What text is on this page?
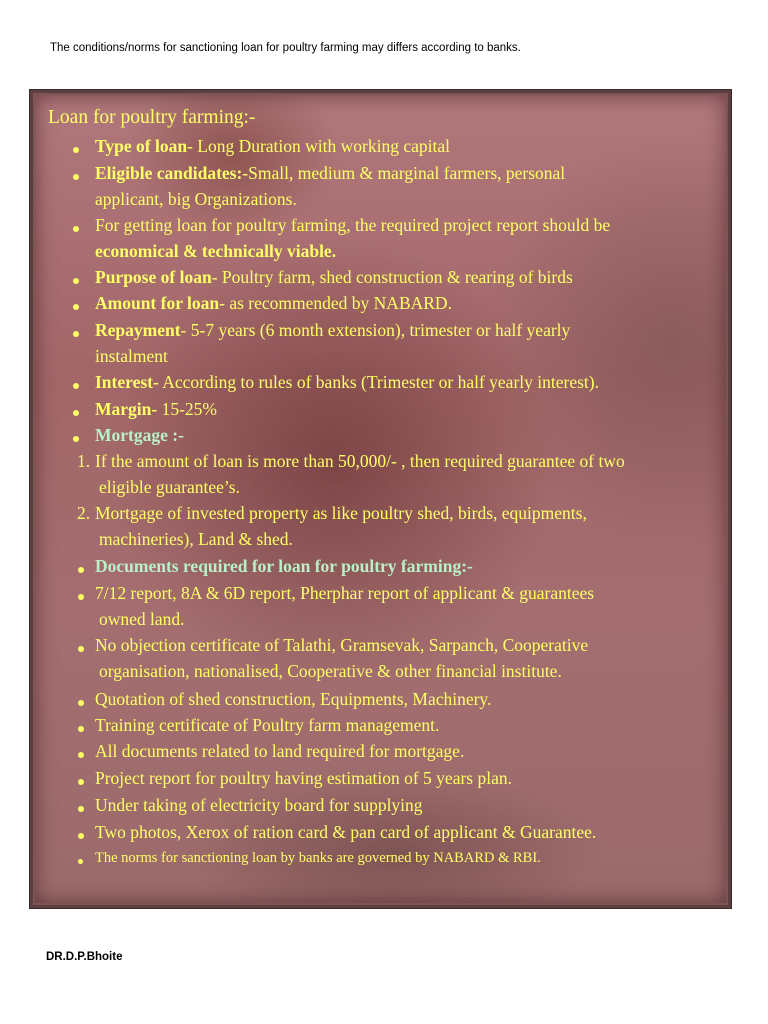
The conditions/norms for sanctioning loan for poultry farming may differs according to banks.
Loan for poultry farming:-
Type of loan- Long Duration with working capital
Eligible candidates:-Small, medium & marginal farmers, personal
applicant, big Organizations.
For getting loan for poultry farming, the required project report should be
economical & technically viable.
Purpose of loan- Poultry farm, shed construction & rearing of birds
Amount for loan- as recommended by NABARD.
Repayment- 5-7 years (6 month extension), trimester or half yearly
instalment
Interest- According to rules of banks (Trimester or half yearly interest).
Margin- 15-25%
Mortgage :-
1. If the amount of loan is more than 50,000/- , then required guarantee of two
eligible guarantee’s.
2. Mortgage of invested property as like poultry shed, birds, equipments,
machineries), Land & shed.
Documents required for loan for poultry farming:-
7/12 report, 8A & 6D report, Pherphar report of applicant & guarantees
owned land.
No objection certificate of Talathi, Gramsevak, Sarpanch, Cooperative
organisation, nationalised, Cooperative & other financial institute.
Quotation of shed construction, Equipments, Machinery.
Training certificate of Poultry farm management.
All documents related to land required for mortgage.
Project report for poultry having estimation of 5 years plan.
Under taking of electricity board for supplying
Two photos, Xerox of ration card & pan card of applicant & Guarantee.
The norms for sanctioning loan by banks are governed by NABARD & RBI.
DR.D.P.Bhoite
